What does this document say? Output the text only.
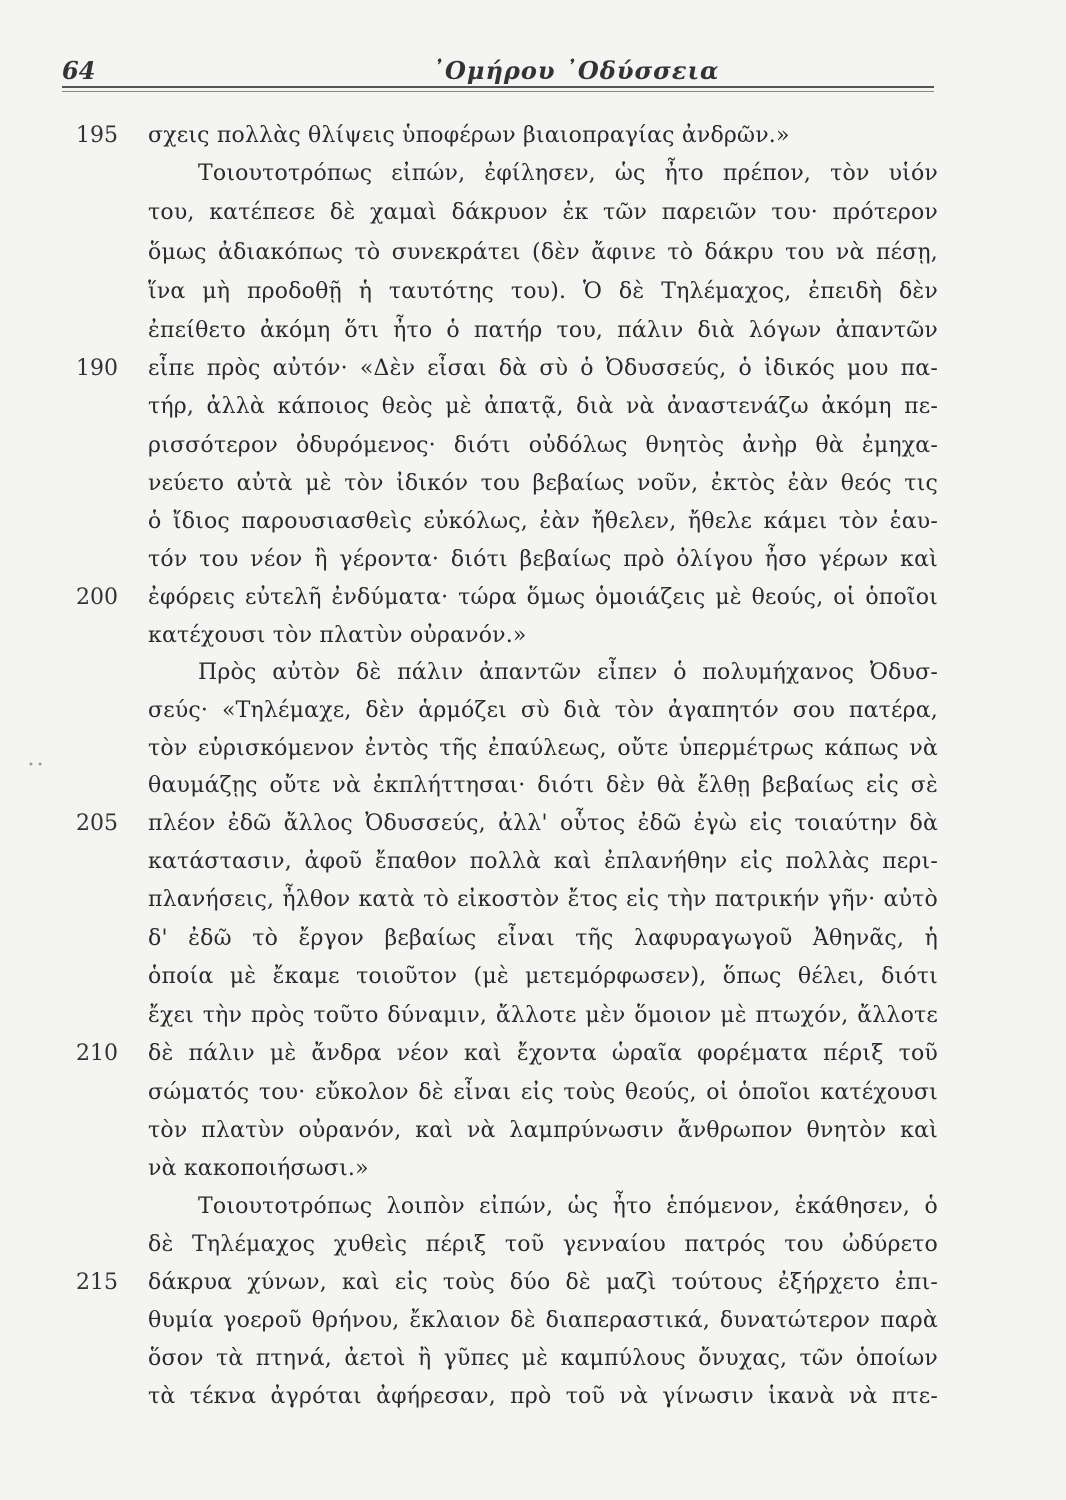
64	᾿Ομήρου ᾿Οδύσσεια
195
190
200
205
210
215
σχεις πολλὰς θλίψεις ὑποφέρων βιαιοπραγίας ἀνδρῶν.»
Τοιουτοτρόπως εἰπών, ἐφίλησεν, ὡς ἦτο πρέπον, τὸν υἱόν
του, κατέπεσε δὲ χαμαὶ δάκρυον ἐκ τῶν παρειῶν του· πρότερον
ὅμως ἀδιακόπως τὸ συνεκράτει (δὲν ἄφινε τὸ δάκρυ του νὰ πέσῃ,
ἵνα μὴ προδοθῇ ἡ ταυτότης του). Ὁ δὲ Τηλέμαχος, ἐπειδὴ δὲν
ἐπείθετο ἀκόμη ὅτι ἦτο ὁ πατήρ του, πάλιν διὰ λόγων ἀπαντῶν
εἶπε πρὸς αὐτόν· «Δὲν εἶσαι δὰ σὺ ὁ Ὀδυσσεύς, ὁ ἰδικός μου πα-
τήρ, ἀλλὰ κάποιος θεὸς μὲ ἀπατᾷ, διὰ νὰ ἀναστενάζω ἀκόμη πε-
ρισσότερον ὀδυρόμενος· διότι οὐδόλως θνητὸς ἀνὴρ θὰ ἐμηχα-
νεύετο αὐτὰ μὲ τὸν ἰδικόν του βεβαίως νοῦν, ἐκτὸς ἐὰν θεός τις
ὁ ἴδιος παρουσιασθεὶς εὐκόλως, ἐὰν ἤθελεν, ἤθελε κάμει τὸν ἑαυ-
τόν του νέον ἢ γέροντα· διότι βεβαίως πρὸ ὀλίγου ἦσο γέρων καὶ
ἐφόρεις εὐτελῆ ἐνδύματα· τώρα ὅμως ὁμοιάζεις μὲ θεούς, οἱ ὁποῖοι
κατέχουσι τὸν πλατὺν οὐρανόν.»
Πρὸς αὐτὸν δὲ πάλιν ἀπαντῶν εἶπεν ὁ πολυμήχανος Ὀδυσ-
σεύς· «Τηλέμαχε, δὲν ἁρμόζει σὺ διὰ τὸν ἀγαπητόν σου πατέρα,
τὸν εὑρισκόμενον ἐντὸς τῆς ἐπαύλεως, οὔτε ὑπερμέτρως κάπως νὰ
θαυμάζῃς οὔτε νὰ ἐκπλήττησαι· διότι δὲν θὰ ἔλθῃ βεβαίως εἰς σὲ
πλέον ἐδῶ ἄλλος Ὀδυσσεύς, ἀλλ' οὗτος ἐδῶ ἐγὼ εἰς τοιαύτην δὰ
κατάστασιν, ἀφοῦ ἔπαθον πολλὰ καὶ ἐπλανήθην εἰς πολλὰς περι-
πλανήσεις, ἦλθον κατὰ τὸ εἰκοστὸν ἔτος εἰς τὴν πατρικήν γῆν· αὐτὸ
δ' ἐδῶ τὸ ἔργον βεβαίως εἶναι τῆς λαφυραγωγοῦ Ἀθηνᾶς, ἡ
ὁποία μὲ ἔκαμε τοιοῦτον (μὲ μετεμόρφωσεν), ὅπως θέλει, διότι
ἔχει τὴν πρὸς τοῦτο δύναμιν, ἄλλοτε μὲν ὅμοιον μὲ πτωχόν, ἄλλοτε
δὲ πάλιν μὲ ἄνδρα νέον καὶ ἔχοντα ὡραῖα φορέματα πέριξ τοῦ
σώματός του· εὔκολον δὲ εἶναι εἰς τοὺς θεούς, οἱ ὁποῖοι κατέχουσι
τὸν πλατὺν οὐρανόν, καὶ νὰ λαμπρύνωσιν ἄνθρωπον θνητὸν καὶ
νὰ κακοποιήσωσι.»
Τοιουτοτρόπως λοιπὸν εἰπών, ὡς ἦτο ἑπόμενον, ἐκάθησεν, ὁ
δὲ Τηλέμαχος χυθεὶς πέριξ τοῦ γενναίου πατρός του ὠδύρετο
δάκρυα χύνων, καὶ εἰς τοὺς δύο δὲ μαζὶ τούτους ἐξήρχετο ἐπι-
θυμία γοεροῦ θρήνου, ἔκλαιον δὲ διαπεραστικά, δυνατώτερον παρὰ
ὅσον τὰ πτηνά, ἀετοὶ ἢ γῦπες μὲ καμπύλους ὄνυχας, τῶν ὁποίων
τὰ τέκνα ἀγρόται ἀφήρεσαν, πρὸ τοῦ νὰ γίνωσιν ἱκανὰ νὰ πτε-
• •
